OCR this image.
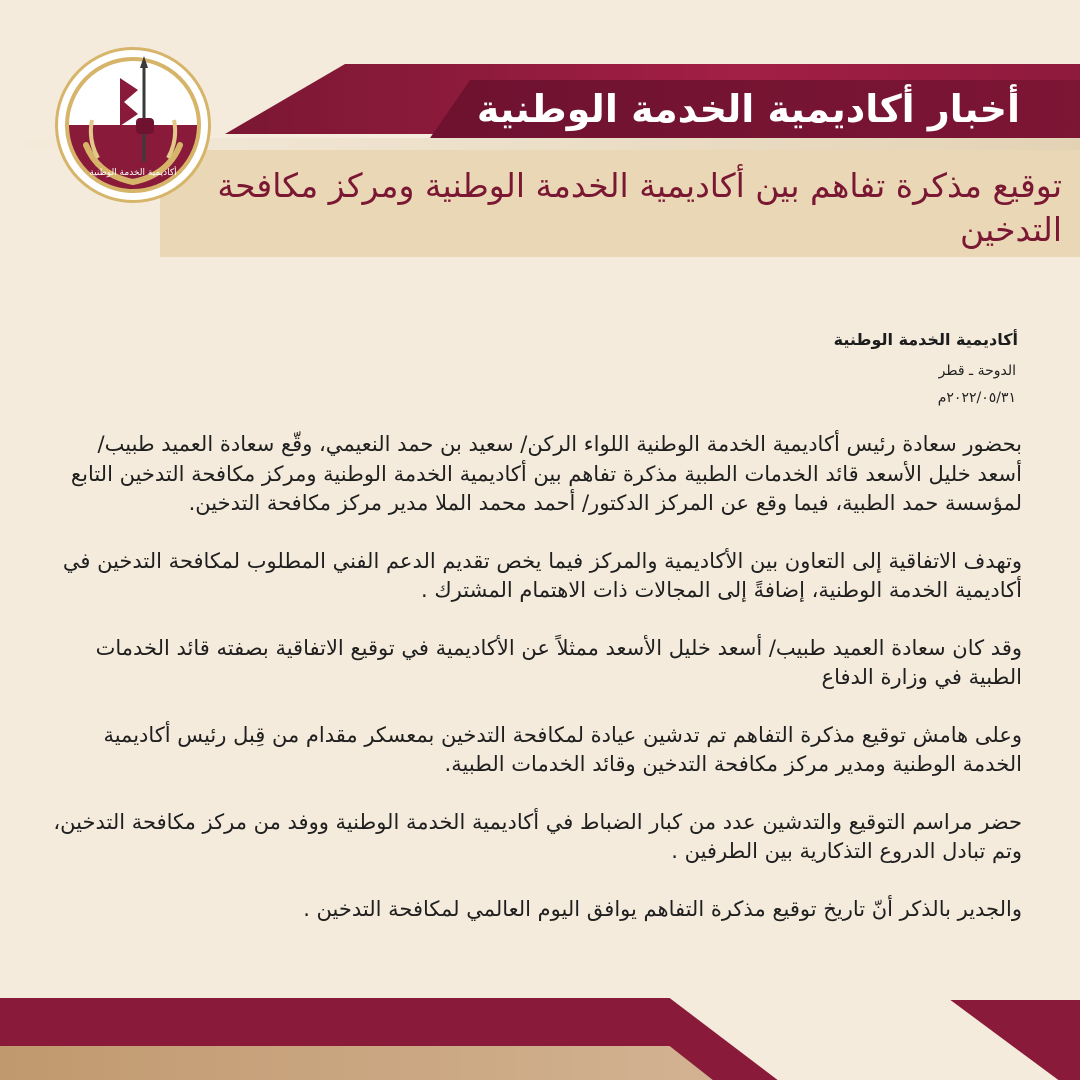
أخبار أكاديمية الخدمة الوطنية
توقيع مذكرة تفاهم بين أكاديمية الخدمة الوطنية ومركز مكافحة التدخين
أكاديمية الخدمة الوطنية
أكاديمية الخدمة الوطنية
الدوحة ـ قطر
٢٠٢٢/٠٥/٣١م

بحضور سعادة رئيس أكاديمية الخدمة الوطنية اللواء الركن/ سعيد بن حمد النعيمي، وقّع سعادة العميد طبيب/ أسعد خليل الأسعد قائد الخدمات الطبية مذكرة تفاهم بين أكاديمية الخدمة الوطنية ومركز مكافحة التدخين التابع لمؤسسة حمد الطبية، فيما وقع عن المركز الدكتور/ أحمد محمد الملا مدير مركز مكافحة التدخين.

وتهدف الاتفاقية إلى التعاون بين الأكاديمية والمركز فيما يخص تقديم الدعم الفني المطلوب لمكافحة التدخين في أكاديمية الخدمة الوطنية، إضافةً إلى المجالات ذات الاهتمام المشترك .

وقد كان سعادة العميد طبيب/ أسعد خليل الأسعد ممثلاً عن الأكاديمية في توقيع الاتفاقية بصفته قائد الخدمات الطبية في وزارة الدفاع

وعلى هامش توقيع مذكرة التفاهم تم تدشين عيادة لمكافحة التدخين بمعسكر مقدام من قِبل رئيس أكاديمية الخدمة الوطنية ومدير مركز مكافحة التدخين وقائد الخدمات الطبية.

حضر مراسم التوقيع والتدشين عدد من كبار الضباط في أكاديمية الخدمة الوطنية ووفد من مركز مكافحة التدخين، وتم تبادل الدروع التذكارية بين الطرفين .

والجدير بالذكر أنّ تاريخ توقيع مذكرة التفاهم يوافق اليوم العالمي لمكافحة التدخين .
